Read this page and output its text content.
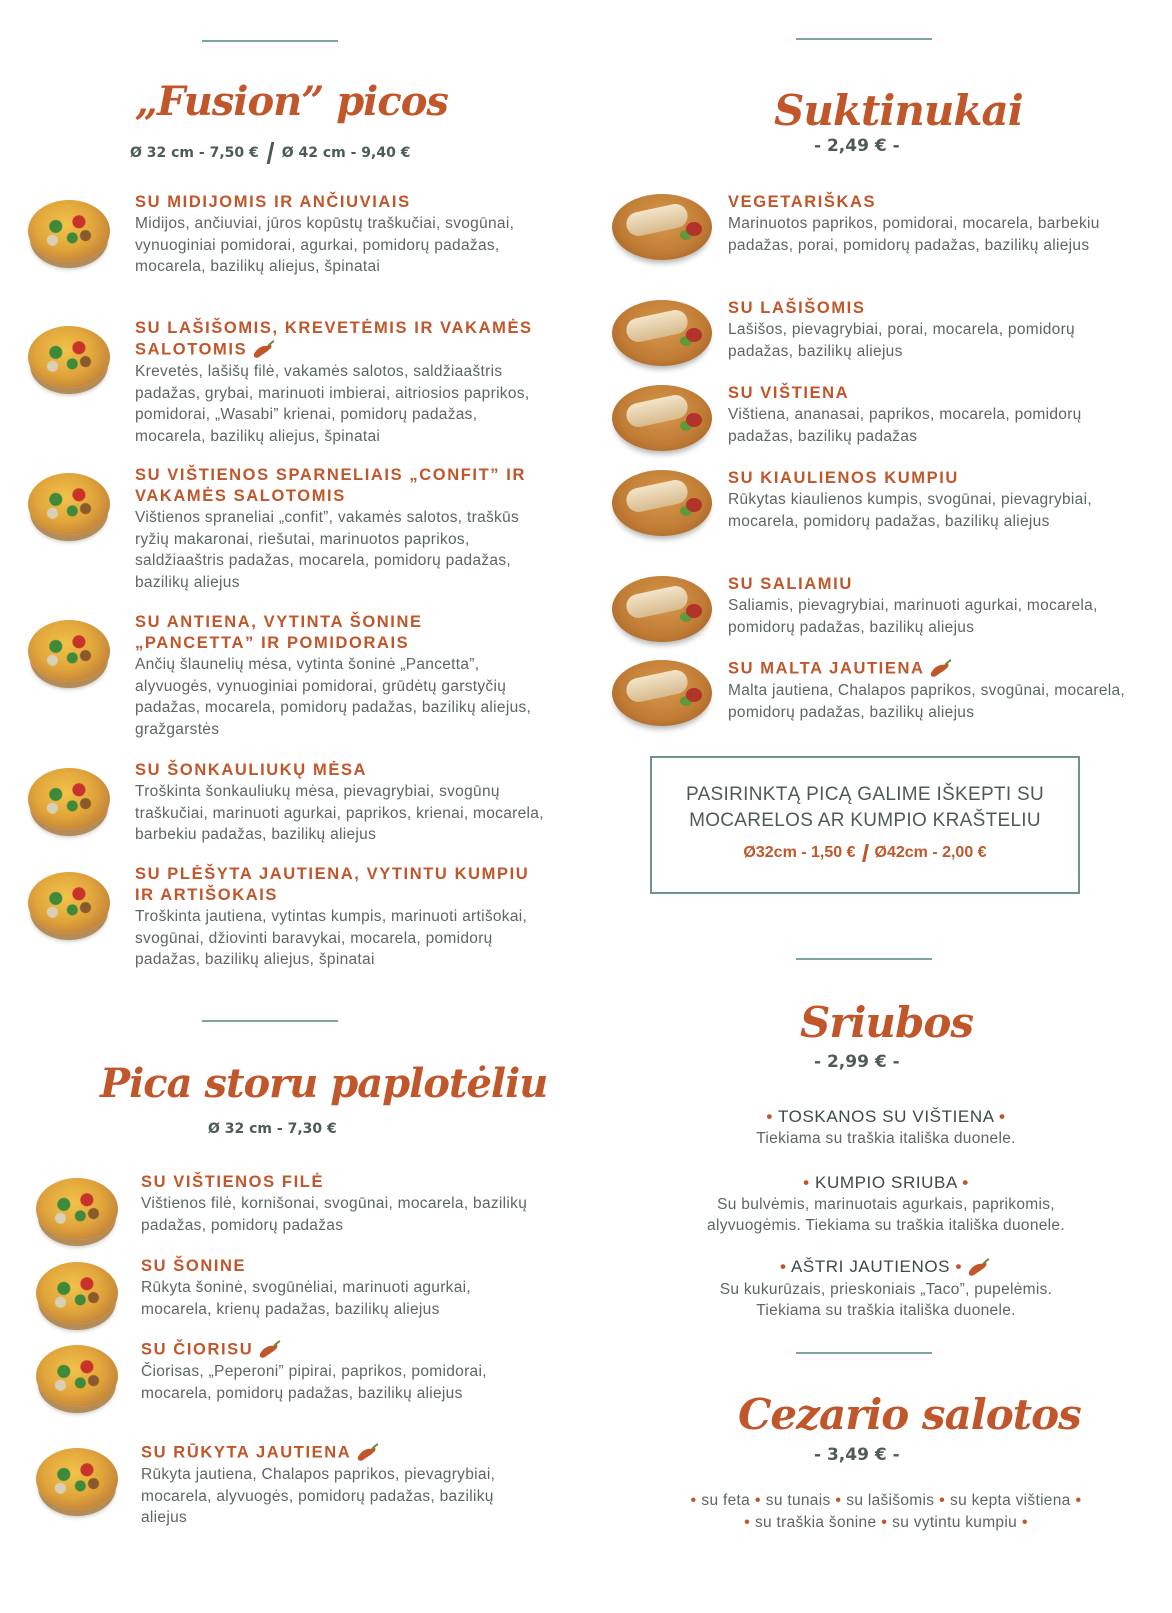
„Fusion” picos
Ø 32 cm - 7,50 € Ø 42 cm - 9,40 €
SU MIDIJOMIS IR ANČIUVIAIS
Midijos, ančiuviai, jūros kopūstų traškučiai, svogūnai, vynuoginiai pomidorai, agurkai, pomidorų padažas, mocarela, bazilikų aliejus, špinatai
SU LAŠIŠOMIS, KREVETĖMIS IR VAKAMĖS SALOTOMIS
Krevetės, lašišų filė, vakamės salotos, saldžiaaštris padažas, grybai, marinuoti imbierai, aitriosios paprikos, pomidorai, „Wasabi” krienai, pomidorų padažas, mocarela, bazilikų aliejus, špinatai
SU VIŠTIENOS SPARNELIAIS „CONFIT” IR VAKAMĖS SALOTOMIS
Vištienos spraneliai „confit”, vakamės salotos, traškūs ryžių makaronai, riešutai, marinuotos paprikos, saldžiaaštris padažas, mocarela, pomidorų padažas, bazilikų aliejus
SU ANTIENA, VYTINTA ŠONINE „PANCETTA” IR POMIDORAIS
Ančių šlaunelių mėsa, vytinta šoninė „Pancetta”, alyvuogės, vynuoginiai pomidorai, grūdėtų garstyčių padažas, mocarela, pomidorų padažas, bazilikų aliejus, gražgarstės
SU ŠONKAULIUKŲ MĖSA
Troškinta šonkauliukų mėsa, pievagrybiai, svogūnų traškučiai, marinuoti agurkai, paprikos, krienai, mocarela, barbekiu padažas, bazilikų aliejus
SU PLĖŠYTA JAUTIENA, VYTINTU KUMPIU IR ARTIŠOKAIS
Troškinta jautiena, vytintas kumpis, marinuoti artišokai, svogūnai, džiovinti baravykai, mocarela, pomidorų padažas, bazilikų aliejus, špinatai
Pica storu paplotėliu
Ø 32 cm - 7,30 €
SU VIŠTIENOS FILĖ
Vištienos filė, kornišonai, svogūnai, mocarela, bazilikų padažas, pomidorų padažas
SU ŠONINE
Rūkyta šoninė, svogūnėliai, marinuoti agurkai, mocarela, krienų padažas, bazilikų aliejus
SU ČIORISU
Čiorisas, „Peperoni” pipirai, paprikos, pomidorai, mocarela, pomidorų padažas, bazilikų aliejus
SU RŪKYTA JAUTIENA
Rūkyta jautiena, Chalapos paprikos, pievagrybiai, mocarela, alyvuogės, pomidorų padažas, bazilikų aliejus
Suktinukai
- 2,49 € -
VEGETARIŠKAS
Marinuotos paprikos, pomidorai, mocarela, barbekiu padažas, porai, pomidorų padažas, bazilikų aliejus
SU LAŠIŠOMIS
Lašišos, pievagrybiai, porai, mocarela, pomidorų padažas, bazilikų aliejus
SU VIŠTIENA
Vištiena, ananasai, paprikos, mocarela, pomidorų padažas, bazilikų padažas
SU KIAULIENOS KUMPIU
Rūkytas kiaulienos kumpis, svogūnai, pievagrybiai, mocarela, pomidorų padažas, bazilikų aliejus
SU SALIAMIU
Saliamis, pievagrybiai, marinuoti agurkai, mocarela, pomidorų padažas, bazilikų aliejus
SU MALTA JAUTIENA
Malta jautiena, Chalapos paprikos, svogūnai, mocarela, pomidorų padažas, bazilikų aliejus
PASIRINKTĄ PICĄ GALIME IŠKEPTI SU
MOCARELOS AR KUMPIO KRAŠTELIU
Ø32cm - 1,50 € Ø42cm - 2,00 €
Sriubos
- 2,99 € -
• TOSKANOS SU VIŠTIENA •
Tiekiama su traškia itališka duonele.
• KUMPIO SRIUBA •
Su bulvėmis, marinuotais agurkais, paprikomis,
alyvuogėmis. Tiekiama su traškia itališka duonele.
• AŠTRI JAUTIENOS •
Su kukurūzais, prieskoniais „Taco”, pupelėmis.
Tiekiama su traškia itališka duonele.
Cezario salotos
- 3,49 € -
• su feta • su tunais • su lašišomis • su kepta vištiena •
• su traškia šonine • su vytintu kumpiu •
